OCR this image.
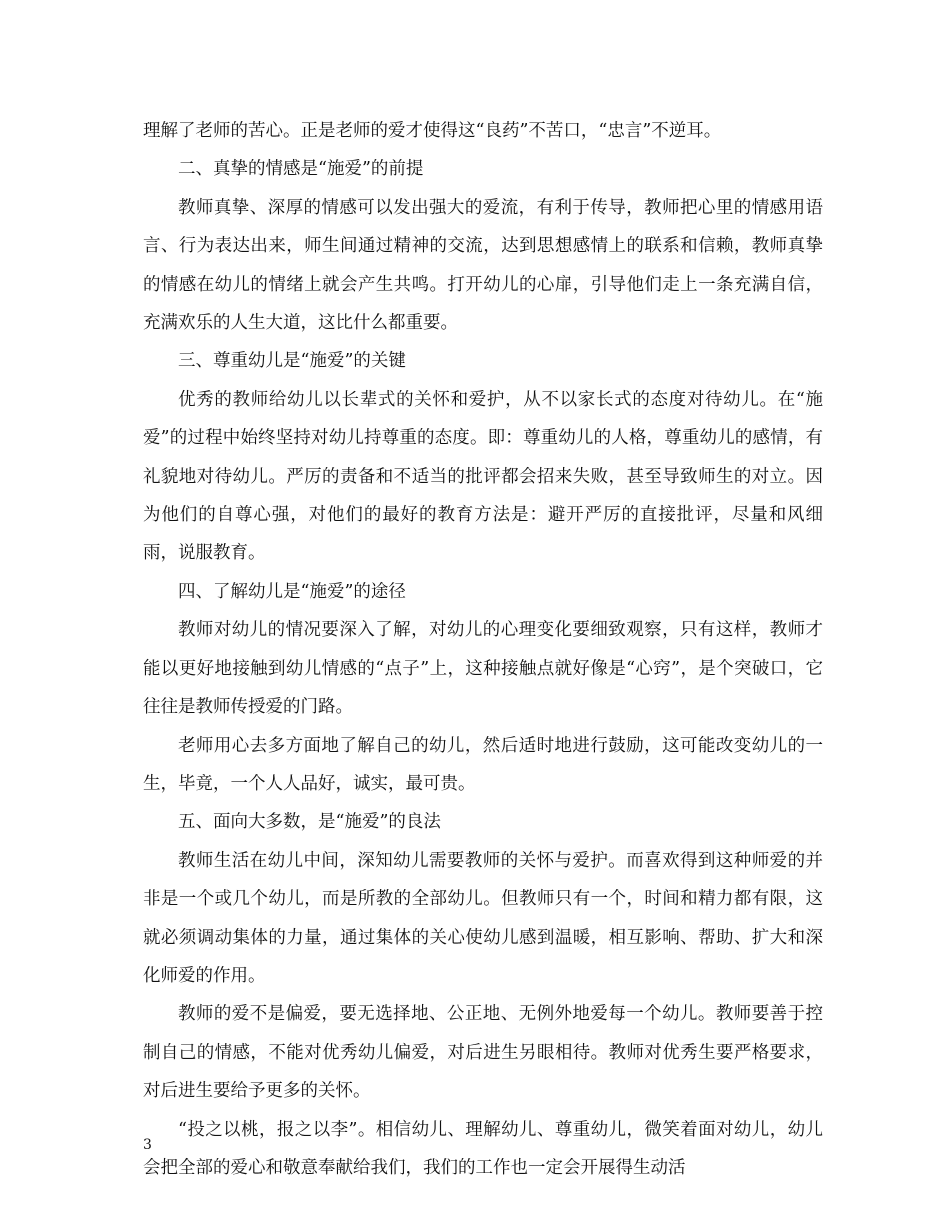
理解了老师的苦心。正是老师的爱才使得这“良药”不苦口，“忠言”不逆耳。

二、真挚的情感是“施爱”的前提

教师真挚、深厚的情感可以发出强大的爱流，有利于传导，教师把心里的情感用语言、行为表达出来，师生间通过精神的交流，达到思想感情上的联系和信赖，教师真挚的情感在幼儿的情绪上就会产生共鸣。打开幼儿的心扉，引导他们走上一条充满自信，充满欢乐的人生大道，这比什么都重要。

三、尊重幼儿是“施爱”的关键

优秀的教师给幼儿以长辈式的关怀和爱护，从不以家长式的态度对待幼儿。在“施爱”的过程中始终坚持对幼儿持尊重的态度。即：尊重幼儿的人格，尊重幼儿的感情，有礼貌地对待幼儿。严厉的责备和不适当的批评都会招来失败，甚至导致师生的对立。因为他们的自尊心强，对他们的最好的教育方法是：避开严厉的直接批评，尽量和风细雨，说服教育。

四、了解幼儿是“施爱”的途径

教师对幼儿的情况要深入了解，对幼儿的心理变化要细致观察，只有这样，教师才能以更好地接触到幼儿情感的“点子”上，这种接触点就好像是“心窍”，是个突破口，它往往是教师传授爱的门路。

老师用心去多方面地了解自己的幼儿，然后适时地进行鼓励，这可能改变幼儿的一生，毕竟，一个人人品好，诚实，最可贵。

五、面向大多数，是“施爱”的良法

教师生活在幼儿中间，深知幼儿需要教师的关怀与爱护。而喜欢得到这种师爱的并非是一个或几个幼儿，而是所教的全部幼儿。但教师只有一个，时间和精力都有限，这就必须调动集体的力量，通过集体的关心使幼儿感到温暖，相互影响、帮助、扩大和深化师爱的作用。

教师的爱不是偏爱，要无选择地、公正地、无例外地爱每一个幼儿。教师要善于控制自己的情感，不能对优秀幼儿偏爱，对后进生另眼相待。教师对优秀生要严格要求，对后进生要给予更多的关怀。

“投之以桃，报之以李”。相信幼儿、理解幼儿、尊重幼儿，微笑着面对幼儿，幼儿会把全部的爱心和敬意奉献给我们，我们的工作也一定会开展得生动活

3
